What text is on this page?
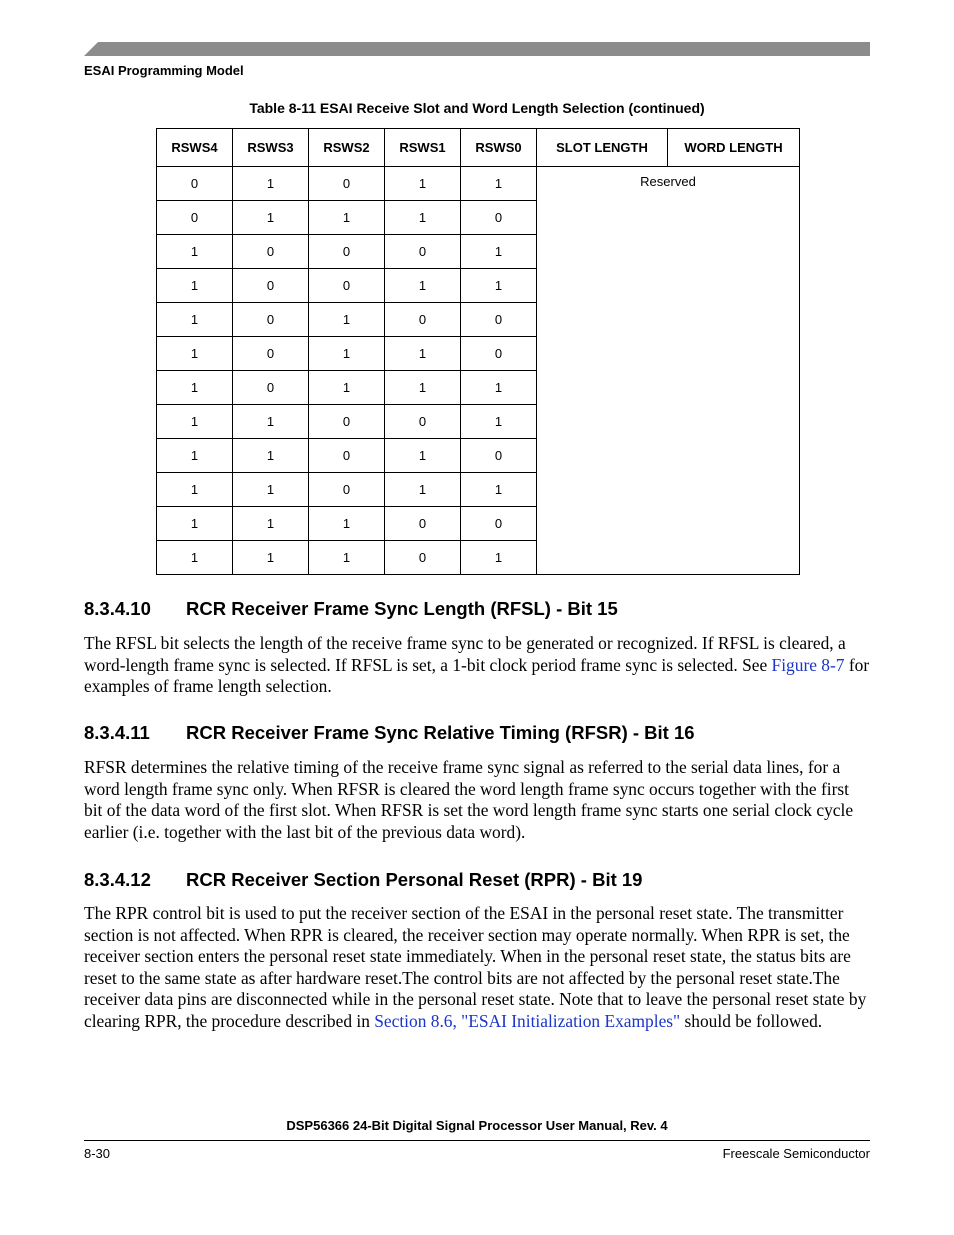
ESAI Programming Model
Table 8-11 ESAI Receive Slot and Word Length Selection (continued)
RSWS4	RSWS3	RSWS2	RSWS1	RSWS0	SLOT LENGTH	WORD LENGTH
0	1	0	1	1	Reserved	
0	1	1	1	0		
1	0	0	0	1		
1	0	0	1	1		
1	0	1	0	0		
1	0	1	1	0		
1	0	1	1	1		
1	1	0	0	1		
1	1	0	1	0		
1	1	0	1	1		
1	1	1	0	0		
1	1	1	0	1		
8.3.4.10 RCR Receiver Frame Sync Length (RFSL) - Bit 15

The RFSL bit selects the length of the receive frame sync to be generated or recognized. If RFSL is cleared, a word-length frame sync is selected. If RFSL is set, a 1-bit clock period frame sync is selected. See Figure 8-7 for examples of frame length selection.

8.3.4.11 RCR Receiver Frame Sync Relative Timing (RFSR) - Bit 16

RFSR determines the relative timing of the receive frame sync signal as referred to the serial data lines, for a word length frame sync only. When RFSR is cleared the word length frame sync occurs together with the first bit of the data word of the first slot. When RFSR is set the word length frame sync starts one serial clock cycle earlier (i.e. together with the last bit of the previous data word).

8.3.4.12 RCR Receiver Section Personal Reset (RPR) - Bit 19

The RPR control bit is used to put the receiver section of the ESAI in the personal reset state. The transmitter section is not affected. When RPR is cleared, the receiver section may operate normally. When RPR is set, the receiver section enters the personal reset state immediately. When in the personal reset state, the status bits are reset to the same state as after hardware reset.The control bits are not affected by the personal reset state.The receiver data pins are disconnected while in the personal reset state. Note that to leave the personal reset state by clearing RPR, the procedure described in Section 8.6, "ESAI Initialization Examples" should be followed.

DSP56366 24-Bit Digital Signal Processor User Manual, Rev. 4
8-30	Freescale Semiconductor
